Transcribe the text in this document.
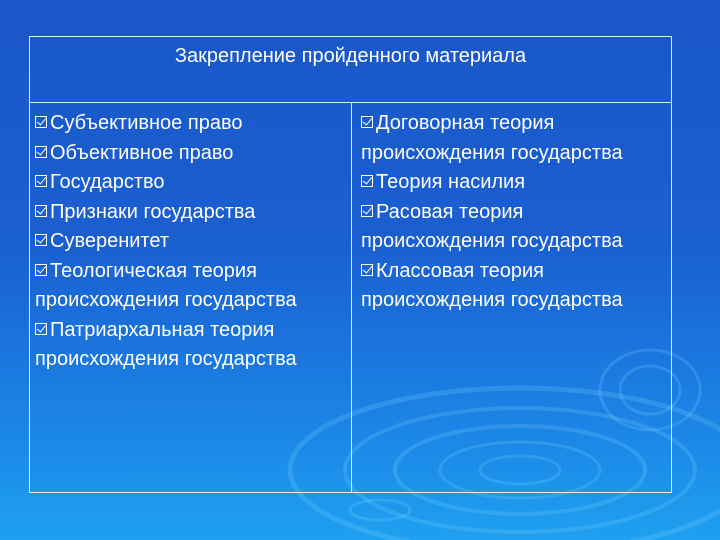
Закрепление пройденного материала
Субъективное право
Объективное право
Государство
Признаки государства
Суверенитет
Теологическая теория происхождения государства
Патриархальная теория происхождения государства
Договорная теория происхождения государства
Теория насилия
Расовая теория происхождения государства
Классовая теория происхождения государства
